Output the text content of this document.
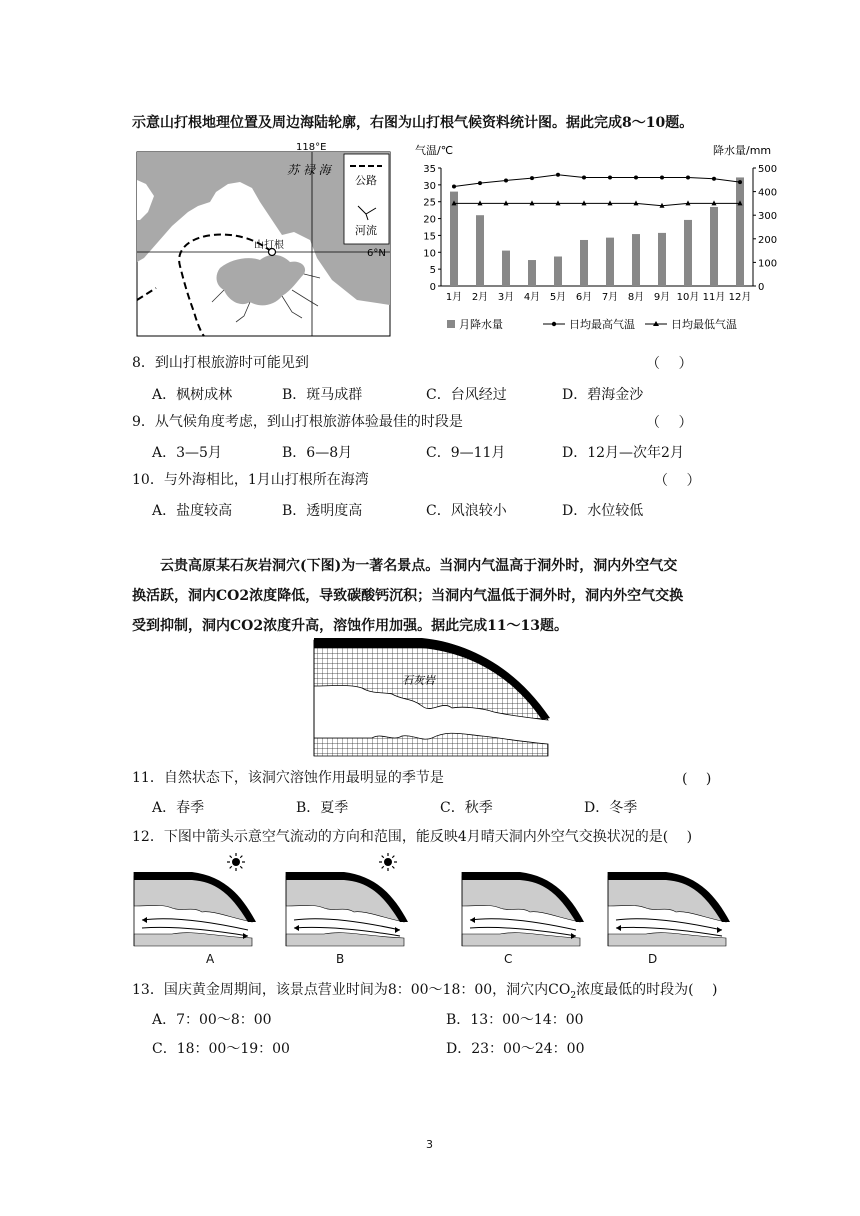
示意山打根地理位置及周边海陆轮廓，右图为山打根气候资料统计图。据此完成8～10题。
公路
河流
118°E
6°N
苏 禄 海
山打根
气温/℃	降水量/mm
0
5
10
15
20
25
30
35
0
100
200
300
400
500
1月 2月 3月 4月 5月 6月 7月 8月 9月 10月 11月 12月
月降水量	日均最高气温	日均最低气温
8．到山打根旅游时可能见到	（　 ）
A．枫树成林	B．斑马成群	C．台风经过	D．碧海金沙
9．从气候角度考虑，到山打根旅游体验最佳的时段是	（　 ）
A．3—5月	B．6—8月	C．9—11月	D．12月—次年2月
10．与外海相比，1月山打根所在海湾	（　 ）
A．盐度较高	B．透明度高	C．风浪较小	D．水位较低
　　云贵高原某石灰岩洞穴(下图)为一著名景点。当洞内气温高于洞外时，洞内外空气交
换活跃，洞内CO2浓度降低，导致碳酸钙沉积；当洞内气温低于洞外时，洞内外空气交换
受到抑制，洞内CO2浓度升高，溶蚀作用加强。据此完成11～13题。
石灰岩
11．自然状态下，该洞穴溶蚀作用最明显的季节是	(　 )
A．春季	B．夏季	C．秋季	D．冬季
12．下图中箭头示意空气流动的方向和范围，能反映4月晴天洞内外空气交换状况的是(　 )
A	B	C	D
13．国庆黄金周期间，该景点营业时间为8：00～18：00，洞穴内$CO_2$浓度最低的时段为(　 )
A．7：00～8：00	B．13：00～14：00
C．18：00～19：00	D．23：00～24：00
3
